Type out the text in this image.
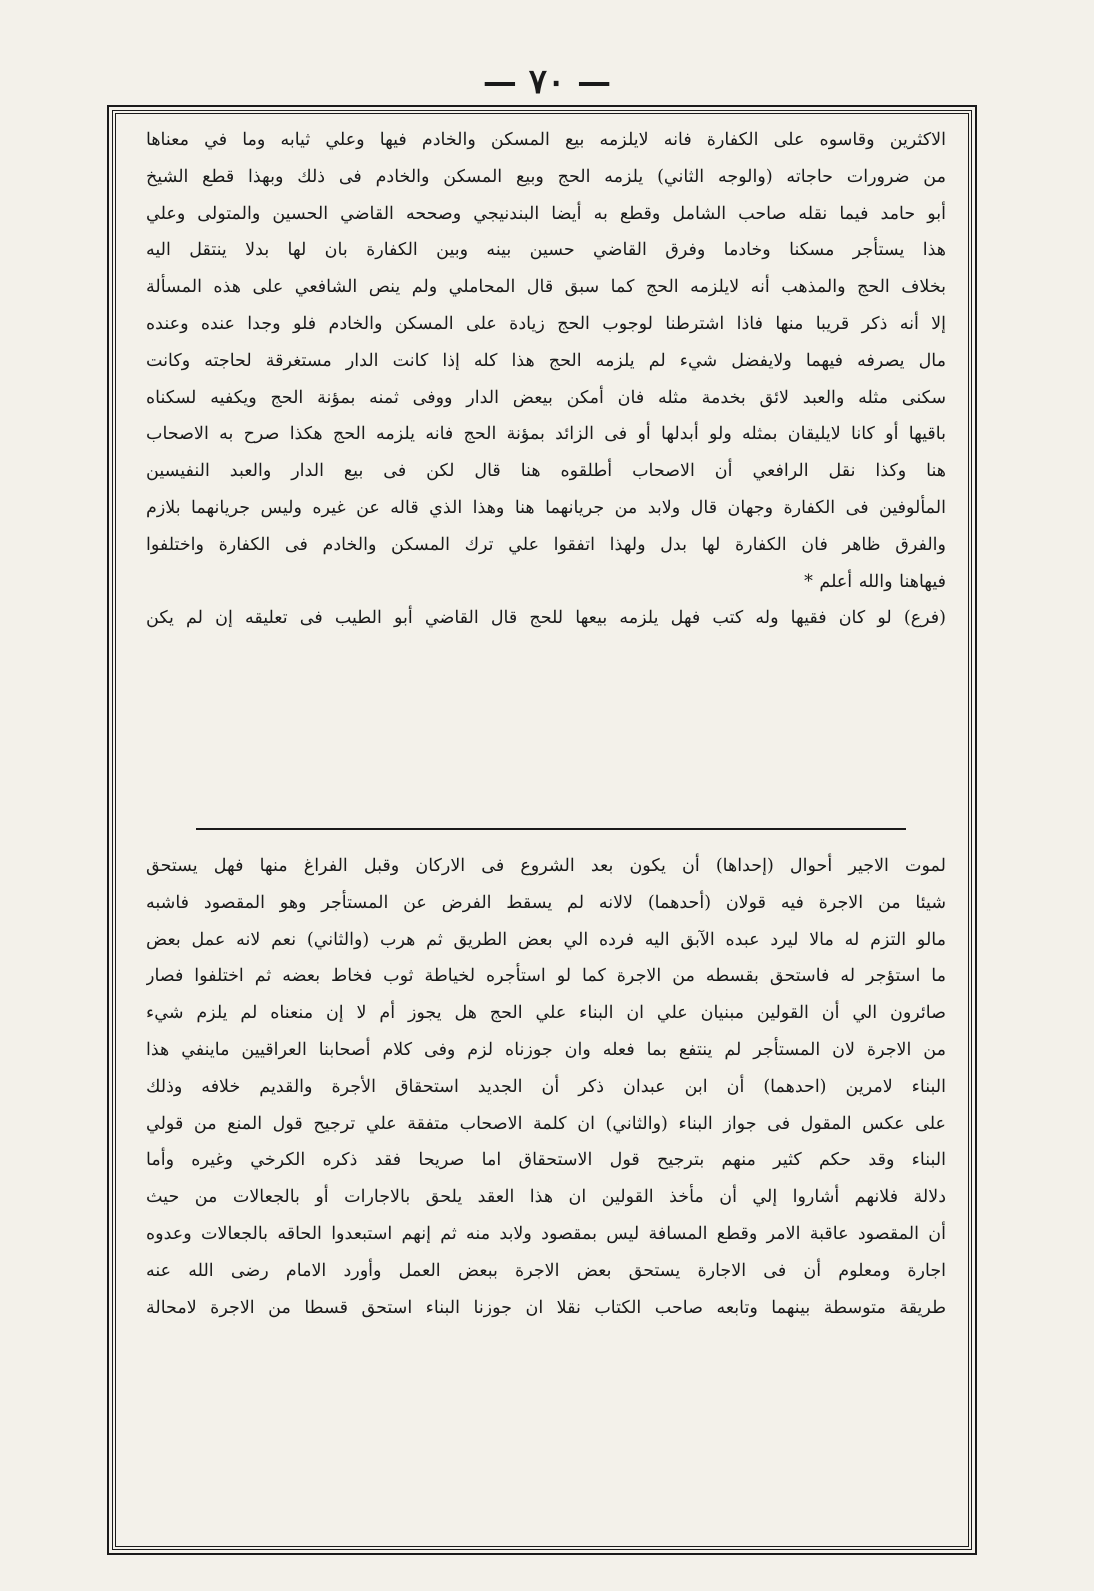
— ٧٠ —
الاكثرين وقاسوه على الكفارة فانه لايلزمه بيع المسكن والخادم فيها وعلي ثيابه وما في معناها
من ضرورات حاجاته (والوجه الثاني) يلزمه الحج وبيع المسكن والخادم فى ذلك وبهذا قطع الشيخ
أبو حامد فيما نقله صاحب الشامل وقطع به أيضا البندنيجي وصححه القاضي الحسين والمتولى وعلي
هذا يستأجر مسكنا وخادما وفرق القاضي حسين بينه وبين الكفارة بان لها بدلا ينتقل اليه
بخلاف الحج والمذهب أنه لايلزمه الحج كما سبق قال المحاملي ولم ينص الشافعي على هذه المسألة
إلا أنه ذكر قريبا منها فاذا اشترطنا لوجوب الحج زيادة على المسكن والخادم فلو وجدا عنده وعنده
مال يصرفه فيهما ولايفضل شيء لم يلزمه الحج هذا كله إذا كانت الدار مستغرقة لحاجته وكانت
سكنى مثله والعبد لائق بخدمة مثله فان أمكن بيعض الدار ووفى ثمنه بمؤنة الحج ويكفيه لسكناه
باقيها أو كانا لايليقان بمثله ولو أبدلها أو فى الزائد بمؤنة الحج فانه يلزمه الحج هكذا صرح به الاصحاب
هنا وكذا نقل الرافعي أن الاصحاب أطلقوه هنا قال لكن فى بيع الدار والعبد النفيسين
المألوفين فى الكفارة وجهان قال ولابد من جريانهما هنا وهذا الذي قاله عن غيره وليس جريانهما بلازم
والفرق ظاهر فان الكفارة لها بدل ولهذا اتفقوا علي ترك المسكن والخادم فى الكفارة واختلفوا
فيهاهنا والله أعلم *
(فرع) لو كان فقيها وله كتب فهل يلزمه بيعها للحج قال القاضي أبو الطيب فى تعليقه إن لم يكن
لموت الاجير أحوال (إحداها) أن يكون بعد الشروع فى الاركان وقبل الفراغ منها فهل يستحق
شيئا من الاجرة فيه قولان (أحدهما) لالانه لم يسقط الفرض عن المستأجر وهو المقصود فاشبه
مالو التزم له مالا ليرد عبده الآبق اليه فرده الي بعض الطريق ثم هرب (والثاني) نعم لانه عمل بعض
ما استؤجر له فاستحق بقسطه من الاجرة كما لو استأجره لخياطة ثوب فخاط بعضه ثم اختلفوا فصار
صائرون الي أن القولين مبنيان علي ان البناء علي الحج هل يجوز أم لا إن منعناه لم يلزم شيء
من الاجرة لان المستأجر لم ينتفع بما فعله وان جوزناه لزم وفى كلام أصحابنا العراقيين ماينفي هذا
البناء لامرين (احدهما) أن ابن عبدان ذكر أن الجديد استحقاق الأجرة والقديم خلافه وذلك
على عكس المقول فى جواز البناء (والثاني) ان كلمة الاصحاب متفقة علي ترجيح قول المنع من قولي
البناء وقد حكم كثير منهم بترجيح قول الاستحقاق اما صريحا فقد ذكره الكرخي وغيره وأما
دلالة فلانهم أشاروا إلي أن مأخذ القولين ان هذا العقد يلحق بالاجارات أو بالجعالات من حيث
أن المقصود عاقبة الامر وقطع المسافة ليس بمقصود ولابد منه ثم إنهم استبعدوا الحاقه بالجعالات وعدوه
اجارة ومعلوم أن فى الاجارة يستحق بعض الاجرة ببعض العمل وأورد الامام رضى الله عنه
طريقة متوسطة بينهما وتابعه صاحب الكتاب نقلا ان جوزنا البناء استحق قسطا من الاجرة لامحالة
